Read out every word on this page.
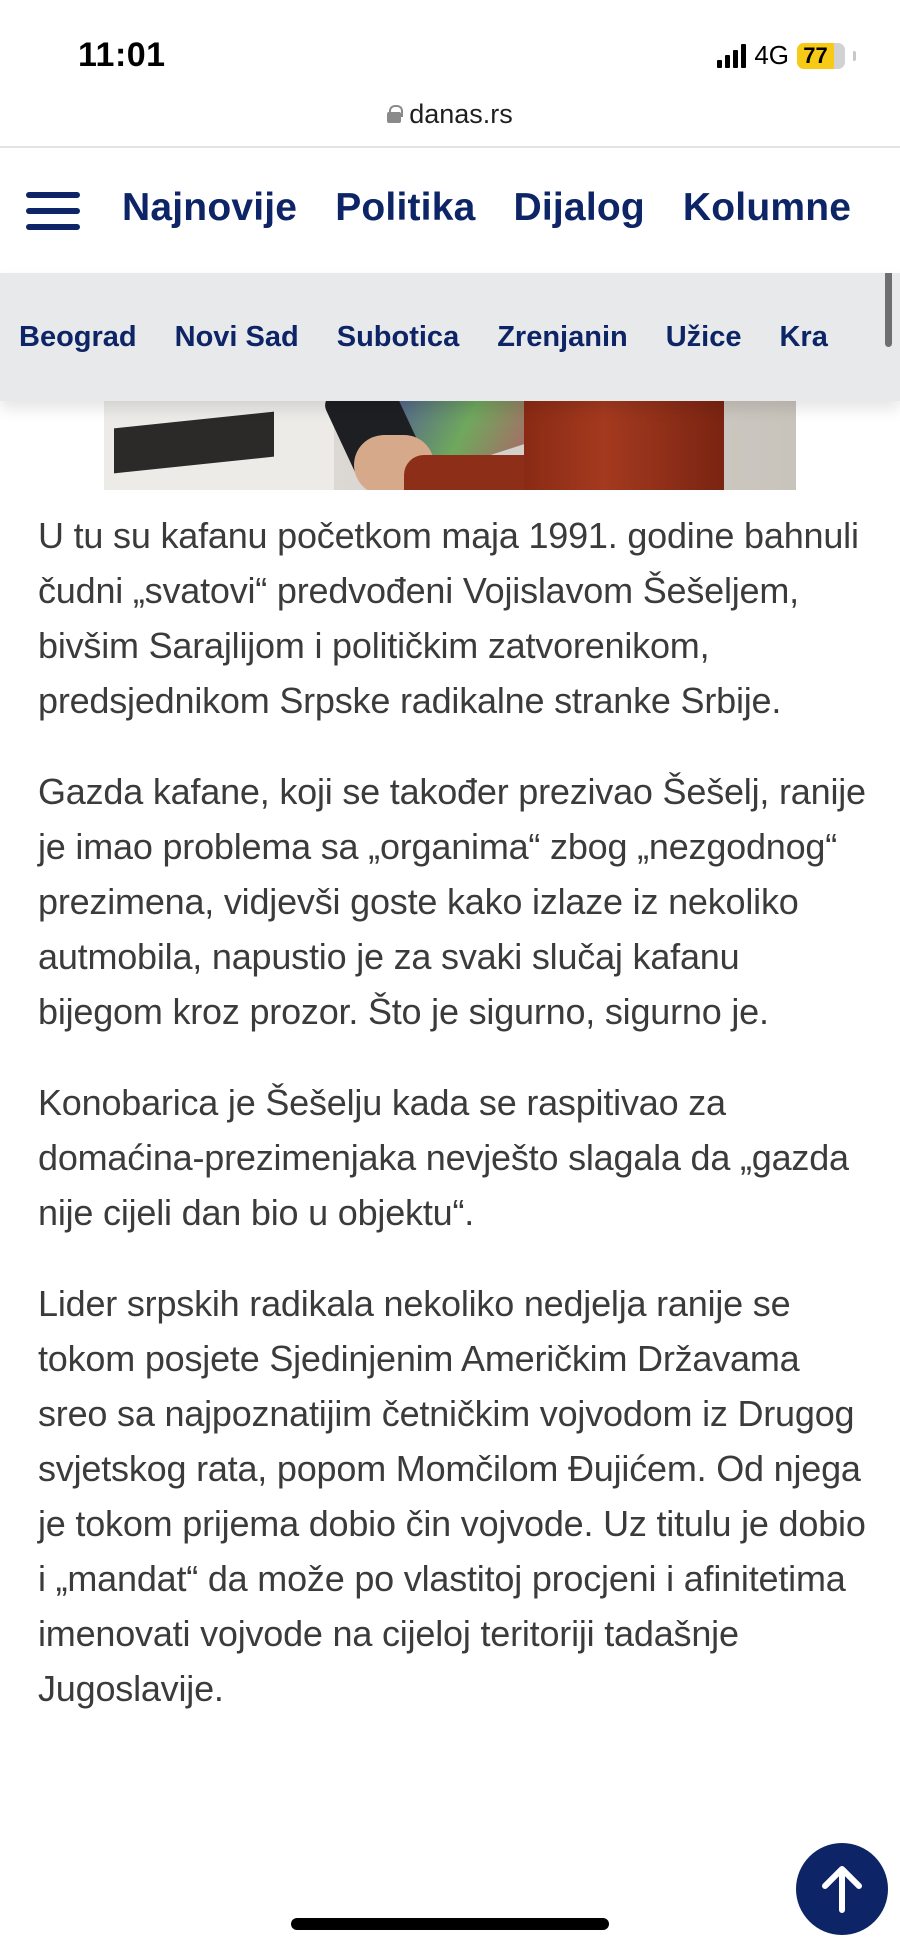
11:01	4G 77
danas.rs
Najnovije Politika Dijalog Kolumne
Beograd Novi Sad Subotica Zrenjanin Užice Kra

U tu su kafanu početkom maja 1991. godine bahnuli čudni „svatovi“ predvođeni Vojislavom Šešeljem, bivšim Sarajlijom i političkim zatvorenikom, predsjednikom Srpske radikalne stranke Srbije.

Gazda kafane, koji se također prezivao Šešelj, ranije je imao problema sa „organima“ zbog „nezgodnog“ prezimena, vidjevši goste kako izlaze iz nekoliko autmobila, napustio je za svaki slučaj kafanu bijegom kroz prozor. Što je sigurno, sigurno je.

Konobarica je Šešelju kada se raspitivao za domaćina-prezimenjaka nevješto slagala da „gazda nije cijeli dan bio u objektu“.

Lider srpskih radikala nekoliko nedjelja ranije se tokom posjete Sjedinjenim Američkim Državama sreo sa najpoznatijim četničkim vojvodom iz Drugog svjetskog rata, popom Momčilom Đujićem. Od njega je tokom prijema dobio čin vojvode. Uz titulu je dobio i „mandat“ da može po vlastitoj procjeni i afinitetima imenovati vojvode na cijeloj teritoriji tadašnje Jugoslavije.
